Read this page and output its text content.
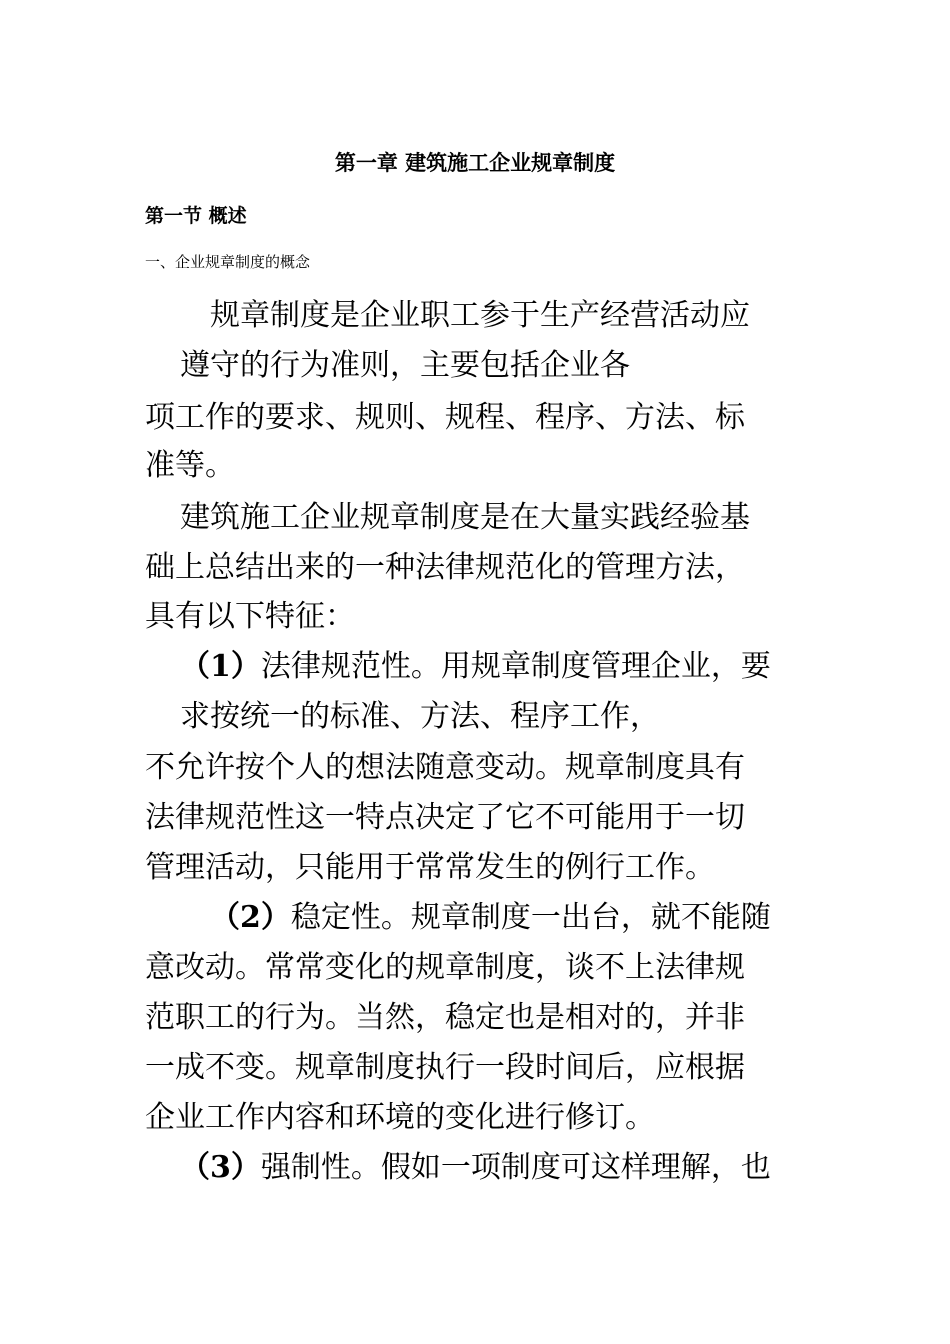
第一章 建筑施工企业规章制度
第一节 概述
一、企业规章制度的概念
规章制度是企业职工参于生产经营活动应
遵守的行为准则，主要包括企业各
项工作的要求、规则、规程、程序、方法、标
准等。
建筑施工企业规章制度是在大量实践经验基
础上总结出来的一种法律规范化的管理方法，
具有以下特征：
（1）法律规范性。用规章制度管理企业，要
求按统一的标准、方法、程序工作，
不允许按个人的想法随意变动。规章制度具有
法律规范性这一特点决定了它不可能用于一切
管理活动，只能用于常常发生的例行工作。
（2）稳定性。规章制度一出台，就不能随
意改动。常常变化的规章制度，谈不上法律规
范职工的行为。当然，稳定也是相对的，并非
一成不变。规章制度执行一段时间后，应根据
企业工作内容和环境的变化进行修订。
（3）强制性。假如一项制度可这样理解，也
